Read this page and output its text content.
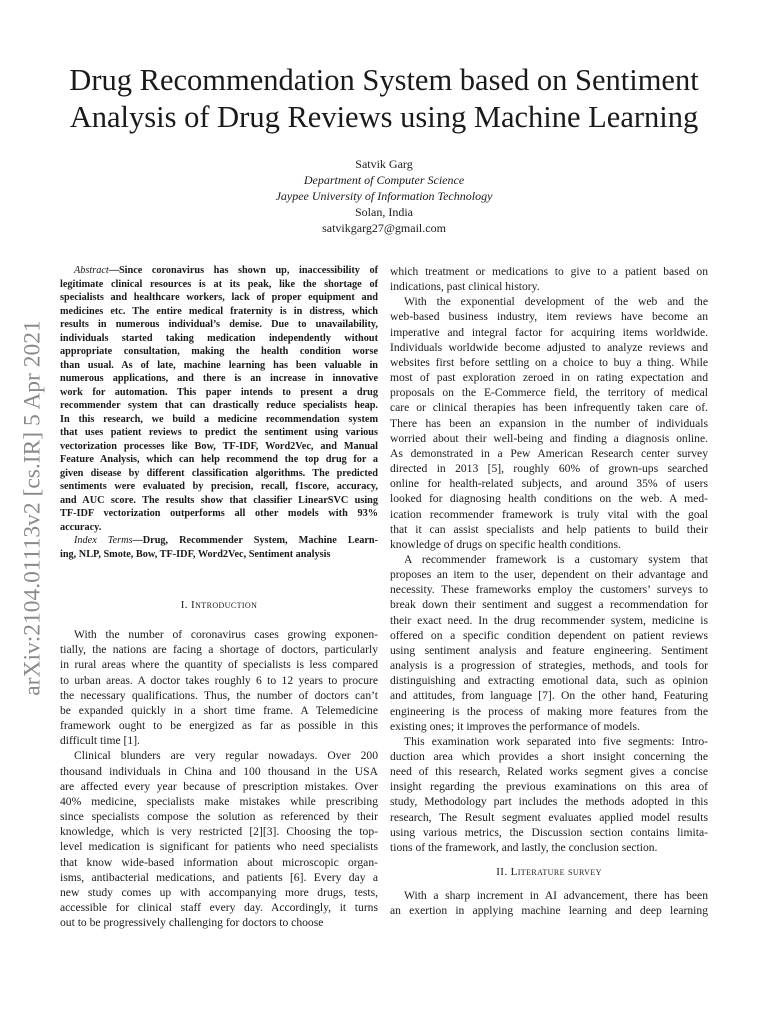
arXiv:2104.01113v2 [cs.IR] 5 Apr 2021
Drug Recommendation System based on Sentiment
Analysis of Drug Reviews using Machine Learning
Satvik Garg
Department of Computer Science
Jaypee University of Information Technology
Solan, India
satvikgarg27@gmail.com
Abstract—Since coronavirus has shown up, inaccessibility of
legitimate clinical resources is at its peak, like the shortage of
specialists and healthcare workers, lack of proper equipment and
medicines etc. The entire medical fraternity is in distress, which
results in numerous individual’s demise. Due to unavailability,
individuals started taking medication independently without
appropriate consultation, making the health condition worse
than usual. As of late, machine learning has been valuable in
numerous applications, and there is an increase in innovative
work for automation. This paper intends to present a drug
recommender system that can drastically reduce specialists heap.
In this research, we build a medicine recommendation system
that uses patient reviews to predict the sentiment using various
vectorization processes like Bow, TF-IDF, Word2Vec, and Manual
Feature Analysis, which can help recommend the top drug for a
given disease by different classification algorithms. The predicted
sentiments were evaluated by precision, recall, f1score, accuracy,
and AUC score. The results show that classifier LinearSVC using
TF-IDF vectorization outperforms all other models with 93%
accuracy.
Index Terms—Drug, Recommender System, Machine Learn-
ing, NLP, Smote, Bow, TF-IDF, Word2Vec, Sentiment analysis
I. Introduction
With the number of coronavirus cases growing exponen-
tially, the nations are facing a shortage of doctors, particularly
in rural areas where the quantity of specialists is less compared
to urban areas. A doctor takes roughly 6 to 12 years to procure
the necessary qualifications. Thus, the number of doctors can’t
be expanded quickly in a short time frame. A Telemedicine
framework ought to be energized as far as possible in this
difficult time [1].
Clinical blunders are very regular nowadays. Over 200
thousand individuals in China and 100 thousand in the USA
are affected every year because of prescription mistakes. Over
40% medicine, specialists make mistakes while prescribing
since specialists compose the solution as referenced by their
knowledge, which is very restricted [2][3]. Choosing the top-
level medication is significant for patients who need specialists
that know wide-based information about microscopic organ-
isms, antibacterial medications, and patients [6]. Every day a
new study comes up with accompanying more drugs, tests,
accessible for clinical staff every day. Accordingly, it turns
out to be progressively challenging for doctors to choose
which treatment or medications to give to a patient based on
indications, past clinical history.
With the exponential development of the web and the
web-based business industry, item reviews have become an
imperative and integral factor for acquiring items worldwide.
Individuals worldwide become adjusted to analyze reviews and
websites first before settling on a choice to buy a thing. While
most of past exploration zeroed in on rating expectation and
proposals on the E-Commerce field, the territory of medical
care or clinical therapies has been infrequently taken care of.
There has been an expansion in the number of individuals
worried about their well-being and finding a diagnosis online.
As demonstrated in a Pew American Research center survey
directed in 2013 [5], roughly 60% of grown-ups searched
online for health-related subjects, and around 35% of users
looked for diagnosing health conditions on the web. A med-
ication recommender framework is truly vital with the goal
that it can assist specialists and help patients to build their
knowledge of drugs on specific health conditions.
A recommender framework is a customary system that
proposes an item to the user, dependent on their advantage and
necessity. These frameworks employ the customers’ surveys to
break down their sentiment and suggest a recommendation for
their exact need. In the drug recommender system, medicine is
offered on a specific condition dependent on patient reviews
using sentiment analysis and feature engineering. Sentiment
analysis is a progression of strategies, methods, and tools for
distinguishing and extracting emotional data, such as opinion
and attitudes, from language [7]. On the other hand, Featuring
engineering is the process of making more features from the
existing ones; it improves the performance of models.
This examination work separated into five segments: Intro-
duction area which provides a short insight concerning the
need of this research, Related works segment gives a concise
insight regarding the previous examinations on this area of
study, Methodology part includes the methods adopted in this
research, The Result segment evaluates applied model results
using various metrics, the Discussion section contains limita-
tions of the framework, and lastly, the conclusion section.
II. Literature survey
With a sharp increment in AI advancement, there has been
an exertion in applying machine learning and deep learning
